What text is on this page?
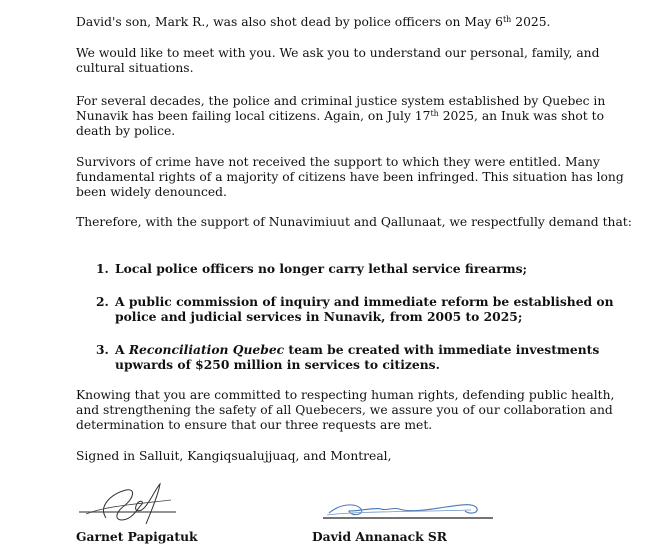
David's son, Mark R., was also shot dead by police officers on May 6th 2025.

We would like to meet with you. We ask you to understand our personal, family, and cultural situations.

For several decades, the police and criminal justice system established by Quebec in Nunavik has been failing local citizens. Again, on July 17th 2025, an Inuk was shot to death by police.

Survivors of crime have not received the support to which they were entitled. Many fundamental rights of a majority of citizens have been infringed. This situation has long been widely denounced.

Therefore, with the support of Nunavimiuut and Qallunaat, we respectfully demand that:

1. Local police officers no longer carry lethal service firearms;

2. A public commission of inquiry and immediate reform be established on police and judicial services in Nunavik, from 2005 to 2025;

3. A Reconciliation Quebec team be created with immediate investments upwards of $250 million in services to citizens.

Knowing that you are committed to respecting human rights, defending public health, and strengthening the safety of all Quebecers, we assure you of our collaboration and determination to ensure that our three requests are met.

Signed in Salluit, Kangiqsualujjuaq, and Montreal,

Garnet Papigatuk	David Annanack SR
